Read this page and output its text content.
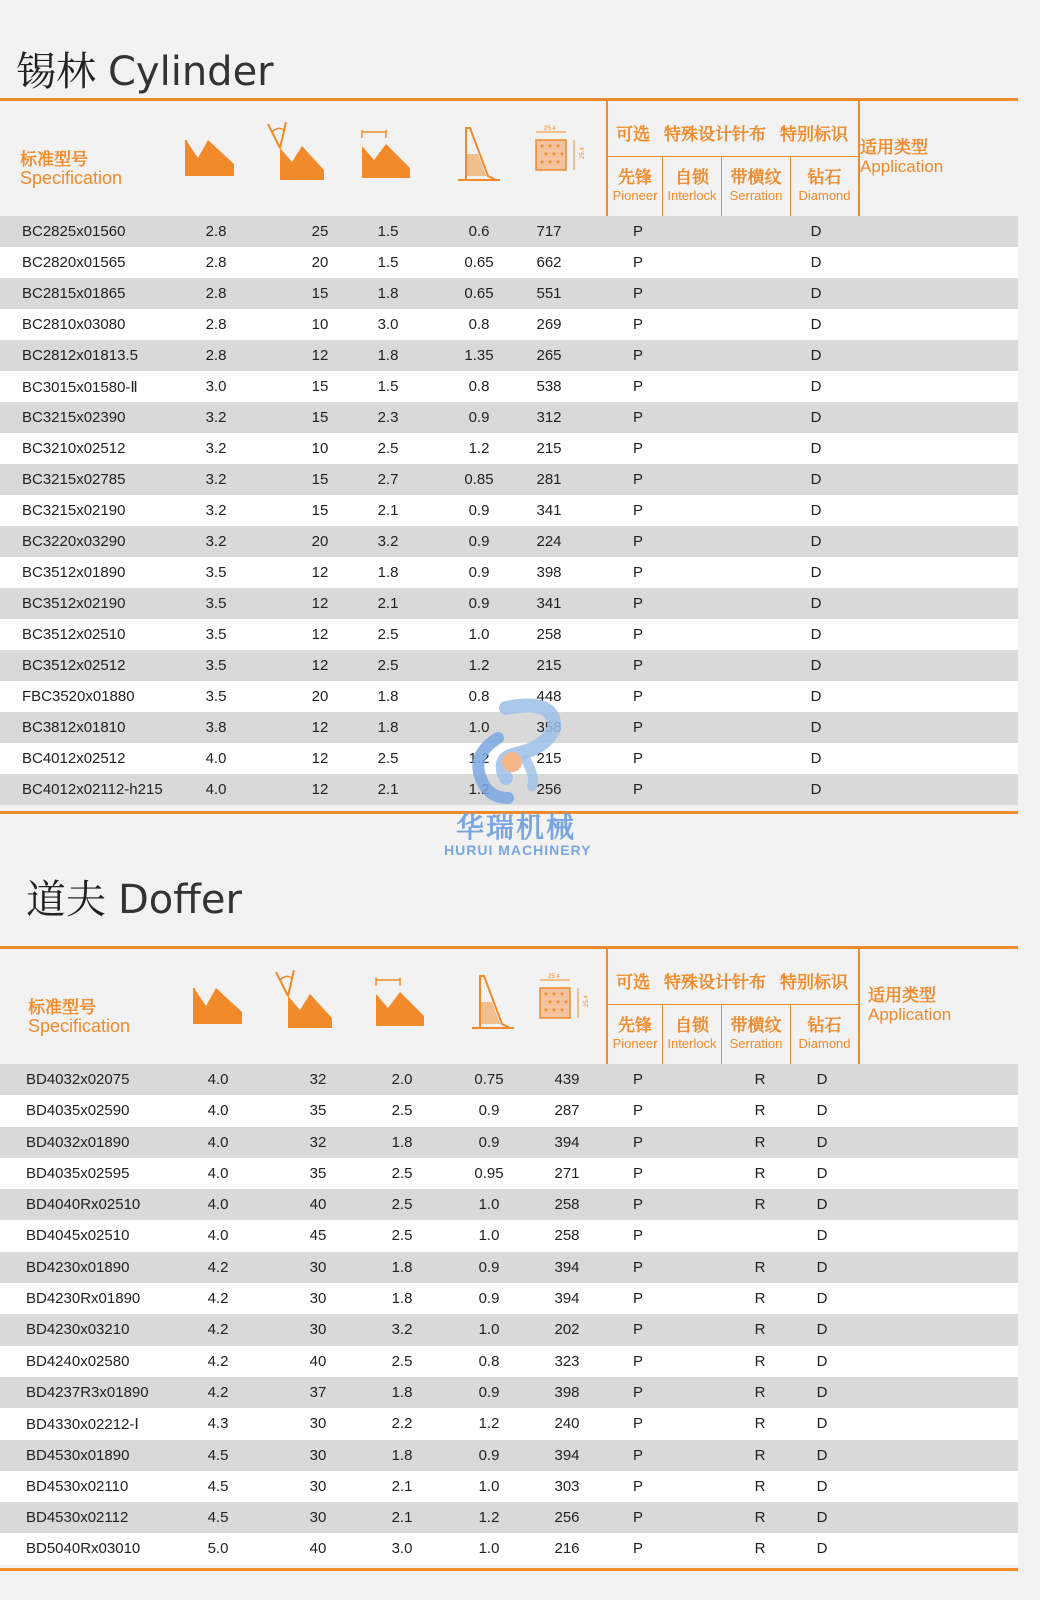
锡林 Cylinder
标准型号
Specification
25.4
25.4
可选 特殊设计针布 特别标识
先锋
Pioneer
自锁
Interlock
带横纹
Serration
钻石
Diamond
适用类型
Application
BC2825x01560	2.8	25	1.5	0.6	717	P	D
BC2820x01565	2.8	20	1.5	0.65	662	P	D
BC2815x01865	2.8	15	1.8	0.65	551	P	D
BC2810x03080	2.8	10	3.0	0.8	269	P	D
BC2812x01813.5	2.8	12	1.8	1.35	265	P	D
BC3015x01580-Ⅱ	3.0	15	1.5	0.8	538	P	D
BC3215x02390	3.2	15	2.3	0.9	312	P	D
BC3210x02512	3.2	10	2.5	1.2	215	P	D
BC3215x02785	3.2	15	2.7	0.85	281	P	D
BC3215x02190	3.2	15	2.1	0.9	341	P	D
BC3220x03290	3.2	20	3.2	0.9	224	P	D
BC3512x01890	3.5	12	1.8	0.9	398	P	D
BC3512x02190	3.5	12	2.1	0.9	341	P	D
BC3512x02510	3.5	12	2.5	1.0	258	P	D
BC3512x02512	3.5	12	2.5	1.2	215	P	D
FBC3520x01880	3.5	20	1.8	0.8	448	P	D
BC3812x01810	3.8	12	1.8	1.0	358	P	D
BC4012x02512	4.0	12	2.5	1.2	215	P	D
BC4012x02112-h215	4.0	12	2.1	1.2	256	P	D
华瑞机械
HURUI MACHINERY
道夫 Doffer
标准型号
Specification
25.4
25.4
可选 特殊设计针布 特别标识
先锋
Pioneer
自锁
Interlock
带横纹
Serration
钻石
Diamond
适用类型
Application
BD4032x02075	4.0	32	2.0	0.75	439	P	R	D
BD4035x02590	4.0	35	2.5	0.9	287	P	R	D
BD4032x01890	4.0	32	1.8	0.9	394	P	R	D
BD4035x02595	4.0	35	2.5	0.95	271	P	R	D
BD4040Rx02510	4.0	40	2.5	1.0	258	P	R	D
BD4045x02510	4.0	45	2.5	1.0	258	P	D
BD4230x01890	4.2	30	1.8	0.9	394	P	R	D
BD4230Rx01890	4.2	30	1.8	0.9	394	P	R	D
BD4230x03210	4.2	30	3.2	1.0	202	P	R	D
BD4240x02580	4.2	40	2.5	0.8	323	P	R	D
BD4237R3x01890	4.2	37	1.8	0.9	398	P	R	D
BD4330x02212-Ⅰ	4.3	30	2.2	1.2	240	P	R	D
BD4530x01890	4.5	30	1.8	0.9	394	P	R	D
BD4530x02110	4.5	30	2.1	1.0	303	P	R	D
BD4530x02112	4.5	30	2.1	1.2	256	P	R	D
BD5040Rx03010	5.0	40	3.0	1.0	216	P	R	D
